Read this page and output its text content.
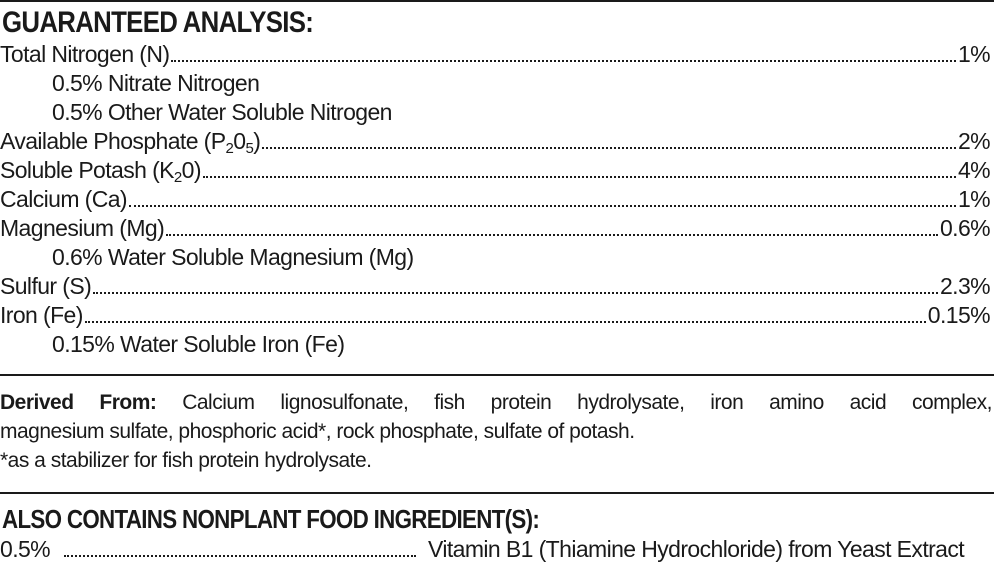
GUARANTEED ANALYSIS:
Total Nitrogen (N)	1%
0.5% Nitrate Nitrogen
0.5% Other Water Soluble Nitrogen
Available Phosphate $(P_20_5)$	2%
Soluble Potash $(K_20)$	4%
Calcium (Ca)	1%
Magnesium (Mg)	0.6%
0.6% Water Soluble Magnesium (Mg)
Sulfur (S)	2.3%
Iron (Fe)	0.15%
0.15% Water Soluble Iron (Fe)
Derived From: Calcium lignosulfonate, fish protein hydrolysate, iron amino acid complex,
magnesium sulfate, phosphoric acid*, rock phosphate, sulfate of potash.
*as a stabilizer for fish protein hydrolysate.
ALSO CONTAINS NONPLANT FOOD INGREDIENT(S):
0.5%	Vitamin B1 (Thiamine Hydrochloride) from Yeast Extract
